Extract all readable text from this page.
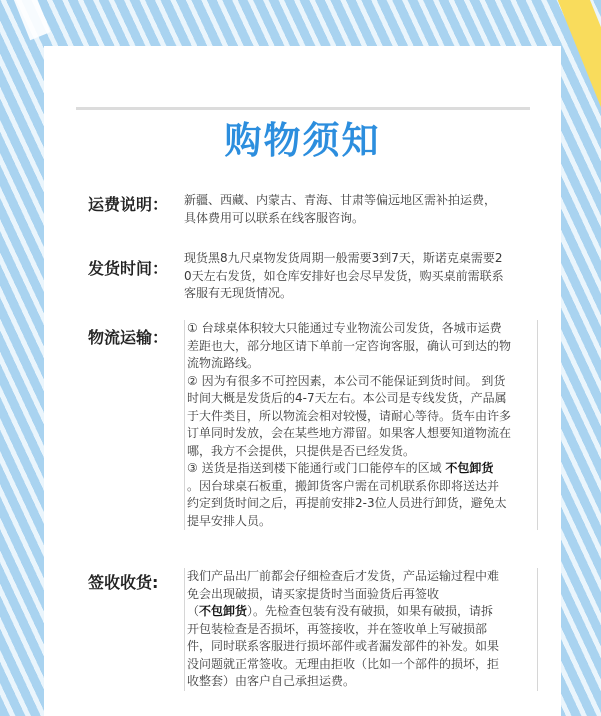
购物须知
运费说明： 新疆、西藏、内蒙古、青海、甘肃等偏远地区需补拍运费，

具体费用可以联系在线客服咨询。

发货时间：

现货黑8九尺桌物发货周期一般需要3到7天，斯诺克桌需要2

0天左右发货，如仓库安排好也会尽早发货，购买桌前需联系

客服有无现货情况。

物流运输： ① 台球桌体积较大只能通过专业物流公司发货，各城市运费

差距也大，部分地区请下单前一定咨询客服，确认可到达的物

流物流路线。

② 因为有很多不可控因素，本公司不能保证到货时间。 到货

时间大概是发货后的4-7天左右。本公司是专线发货，产品属

于大件类目，所以物流会相对较慢，请耐心等待。货车由许多

订单同时发放，会在某些地方滞留。如果客人想要知道物流在

哪，我方不会提供，只提供是否已经发货。

③ 送货是指送到楼下能通行或门口能停车的区域 不包卸货

。因台球桌石板重，搬卸货客户需在司机联系你即将送达并

约定到货时间之后，再提前安排2-3位人员进行卸货，避免太

提早安排人员。

签收收货: 我们产品出厂前都会仔细检查后才发货，产品运输过程中难

免会出现破损，请买家提货时当面验货后再签收

（不包卸货）。先检查包装有没有破损，如果有破损，请拆

开包装检查是否损坏，再签接收，并在签收单上写破损部

件，同时联系客服进行损坏部件或者漏发部件的补发。如果

没问题就正常签收。无理由拒收（比如一个部件的损坏，拒

收整套）由客户自己承担运费。
